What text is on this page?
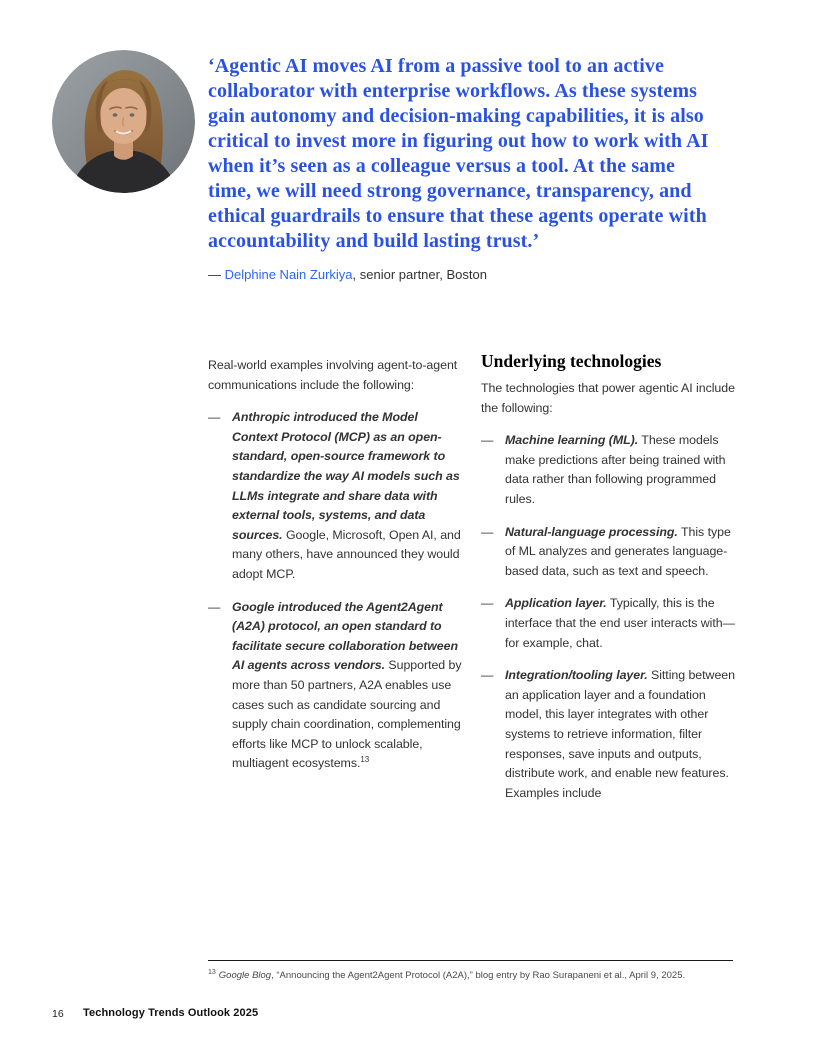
‘Agentic AI moves AI from a passive tool to an active collaborator with enterprise workflows. As these systems gain autonomy and decision-making capabilities, it is also critical to invest more in figuring out how to work with AI when it’s seen as a colleague versus a tool. At the same time, we will need strong governance, transparency, and ethical guardrails to ensure that these agents operate with accountability and build lasting trust.’
— Delphine Nain Zurkiya, senior partner, Boston

Real-world examples involving agent-to-agent communications include the following:

— Anthropic introduced the Model Context Protocol (MCP) as an open-standard, open-source framework to standardize the way AI models such as LLMs integrate and share data with external tools, systems, and data sources. Google, Microsoft, Open AI, and many others, have announced they would adopt MCP.
— Google introduced the Agent2Agent (A2A) protocol, an open standard to facilitate secure collaboration between AI agents across vendors. Supported by more than 50 partners, A2A enables use cases such as candidate sourcing and supply chain coordination, complementing efforts like MCP to unlock scalable, multiagent ecosystems.$^{13}$
Underlying technologies

The technologies that power agentic AI include the following:

— Machine learning (ML). These models make predictions after being trained with data rather than following programmed rules.
— Natural-language processing. This type of ML analyzes and generates language-based data, such as text and speech.
— Application layer. Typically, this is the interface that the end user interacts with—for example, chat.
— Integration/tooling layer. Sitting between an application layer and a foundation model, this layer integrates with other systems to retrieve information, filter responses, save inputs and outputs, distribute work, and enable new features. Examples include
$^{13}$ Google Blog, “Announcing the Agent2Agent Protocol (A2A),” blog entry by Rao Surapaneni et al., April 9, 2025.
16 Technology Trends Outlook 2025
